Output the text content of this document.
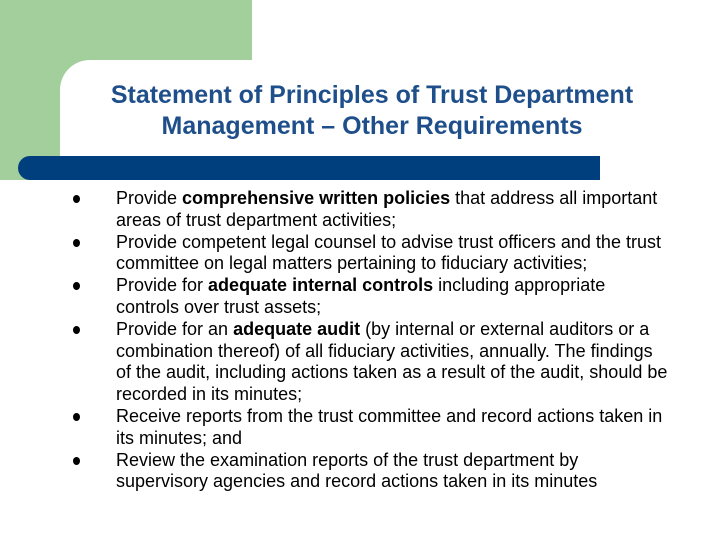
Statement of Principles of Trust Department
Management – Other Requirements
Provide comprehensive written policies that address all important areas of trust department activities;
Provide competent legal counsel to advise trust officers and the trust committee on legal matters pertaining to fiduciary activities;
Provide for adequate internal controls including appropriate controls over trust assets;
Provide for an adequate audit (by internal or external auditors or a combination thereof) of all fiduciary activities, annually. The findings of the audit, including actions taken as a result of the audit, should be recorded in its minutes;
Receive reports from the trust committee and record actions taken in its minutes; and
Review the examination reports of the trust department by supervisory agencies and record actions taken in its minutes
